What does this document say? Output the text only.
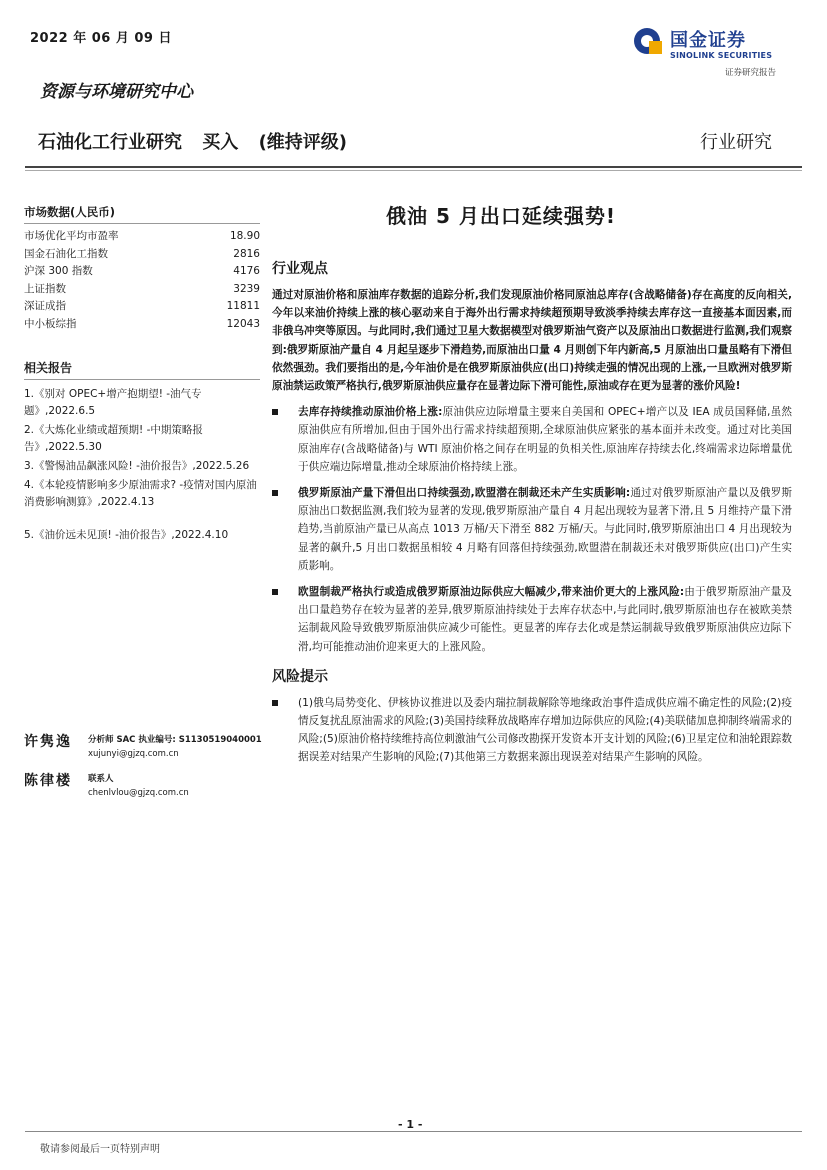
2022 年 06 月 09 日	国金证券
SINOLINK SECURITIES
证券研究报告
资源与环境研究中心
石油化工行业研究 买入 (维持评级)	行业研究
市场数据(人民币)
市场优化平均市盈率	18.90
国金石油化工指数	2816
沪深 300 指数	4176
上证指数	3239
深证成指	11811
中小板综指	12043
相关报告
1.《别对 OPEC+增产抱期望! -油气专题》,2022.6.5
2.《大炼化业绩或超预期! -中期策略报告》,2022.5.30
3.《警惕油品飙涨风险! -油价报告》,2022.5.26
4.《本轮疫情影响多少原油需求? -疫情对国内原油消费影响测算》,2022.4.13
5.《油价远未见顶! -油价报告》,2022.4.10
许隽逸 分析师 SAC 执业编号: S1130519040001
xujunyi@gjzq.com.cn
陈律楼 联系人
chenlvlou@gjzq.com.cn
俄油 5 月出口延续强势!
行业观点
通过对原油价格和原油库存数据的追踪分析,我们发现原油价格同原油总库存(含战略储备)存在高度的反向相关,今年以来油价持续上涨的核心驱动来自于海外出行需求持续超预期导致淡季持续去库存这一直接基本面因素,而非俄乌冲突等原因。与此同时,我们通过卫星大数据模型对俄罗斯油气资产以及原油出口数据进行监测,我们观察到:俄罗斯原油产量自 4 月起呈逐步下滑趋势,而原油出口量 4 月则创下年内新高,5 月原油出口量虽略有下滑但依然强劲。我们要指出的是,今年油价是在俄罗斯原油供应(出口)持续走强的情况出现的上涨,一旦欧洲对俄罗斯原油禁运政策严格执行,俄罗斯原油供应量存在显著边际下滑可能性,原油或存在更为显著的涨价风险!
去库存持续推动原油价格上涨:原油供应边际增量主要来自美国和 OPEC+增产以及 IEA 成员国释储,虽然原油供应有所增加,但由于国外出行需求持续超预期,全球原油供应紧张的基本面并未改变。通过对比美国原油库存(含战略储备)与 WTI 原油价格之间存在明显的负相关性,原油库存持续去化,终端需求边际增量优于供应端边际增量,推动全球原油价格持续上涨。
俄罗斯原油产量下滑但出口持续强劲,欧盟潜在制裁还未产生实质影响:通过对俄罗斯原油产量以及俄罗斯原油出口数据监测,我们较为显著的发现,俄罗斯原油产量自 4 月起出现较为显著下滑,且 5 月维持产量下滑趋势,当前原油产量已从高点 1013 万桶/天下滑至 882 万桶/天。与此同时,俄罗斯原油出口 4 月出现较为显著的飙升,5 月出口数据虽相较 4 月略有回落但持续强劲,欧盟潜在制裁还未对俄罗斯供应(出口)产生实质影响。
欧盟制裁严格执行或造成俄罗斯原油边际供应大幅减少,带来油价更大的上涨风险:由于俄罗斯原油产量及出口量趋势存在较为显著的差异,俄罗斯原油持续处于去库存状态中,与此同时,俄罗斯原油也存在被欧美禁运制裁风险导致俄罗斯原油供应减少可能性。更显著的库存去化或是禁运制裁导致俄罗斯原油供应边际下滑,均可能推动油价迎来更大的上涨风险。
风险提示
(1)俄乌局势变化、伊核协议推进以及委内瑞拉制裁解除等地缘政治事件造成供应端不确定性的风险;(2)疫情反复扰乱原油需求的风险;(3)美国持续释放战略库存增加边际供应的风险;(4)美联储加息抑制终端需求的风险;(5)原油价格持续维持高位刺激油气公司修改勘探开发资本开支计划的风险;(6)卫星定位和油轮跟踪数据误差对结果产生影响的风险;(7)其他第三方数据来源出现误差对结果产生影响的风险。
- 1 -
敬请参阅最后一页特别声明
